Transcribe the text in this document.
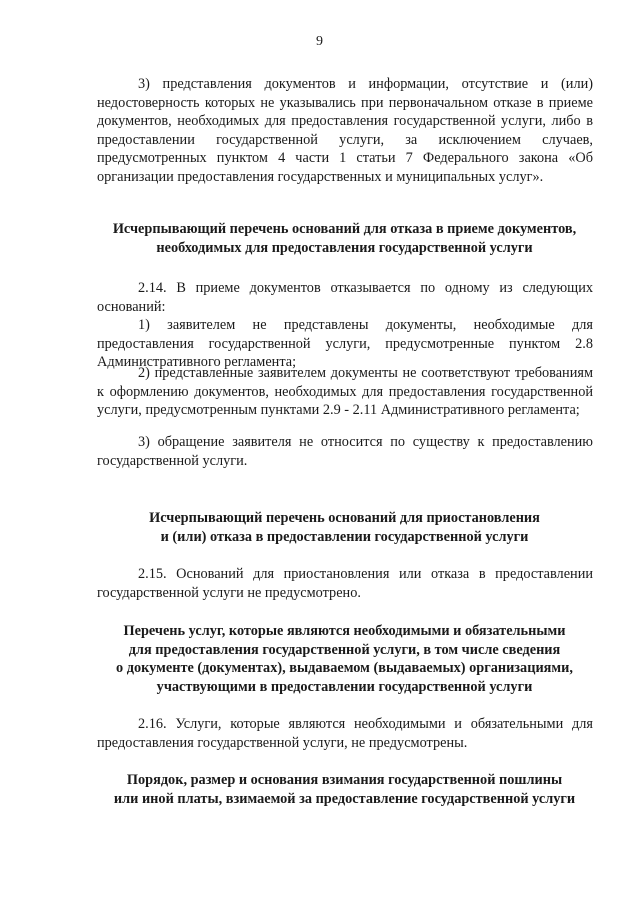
9

3) представления документов и информации, отсутствие и (или) недостоверность которых не указывались при первоначальном отказе в приеме документов, необходимых для предоставления государственной услуги, либо в предоставлении государственной услуги, за исключением случаев, предусмотренных пунктом 4 части 1 статьи 7 Федерального закона «Об организации предоставления государственных и муниципальных услуг».

Исчерпывающий перечень оснований для отказа в приеме документов,
необходимых для предоставления государственной услуги

2.14. В приеме документов отказывается по одному из следующих оснований:

1) заявителем не представлены документы, необходимые для предоставления государственной услуги, предусмотренные пунктом 2.8 Административного регламента;

2) представленные заявителем документы не соответствуют требованиям к оформлению документов, необходимых для предоставления государственной услуги, предусмотренным пунктами 2.9 - 2.11 Административного регламента;

3) обращение заявителя не относится по существу к предоставлению государственной услуги.

Исчерпывающий перечень оснований для приостановления
и (или) отказа в предоставлении государственной услуги

2.15. Оснований для приостановления или отказа в предоставлении государственной услуги не предусмотрено.

Перечень услуг, которые являются необходимыми и обязательными
для предоставления государственной услуги, в том числе сведения
о документе (документах), выдаваемом (выдаваемых) организациями,
участвующими в предоставлении государственной услуги

2.16. Услуги, которые являются необходимыми и обязательными для предоставления государственной услуги, не предусмотрены.

Порядок, размер и основания взимания государственной пошлины
или иной платы, взимаемой за предоставление государственной услуги
